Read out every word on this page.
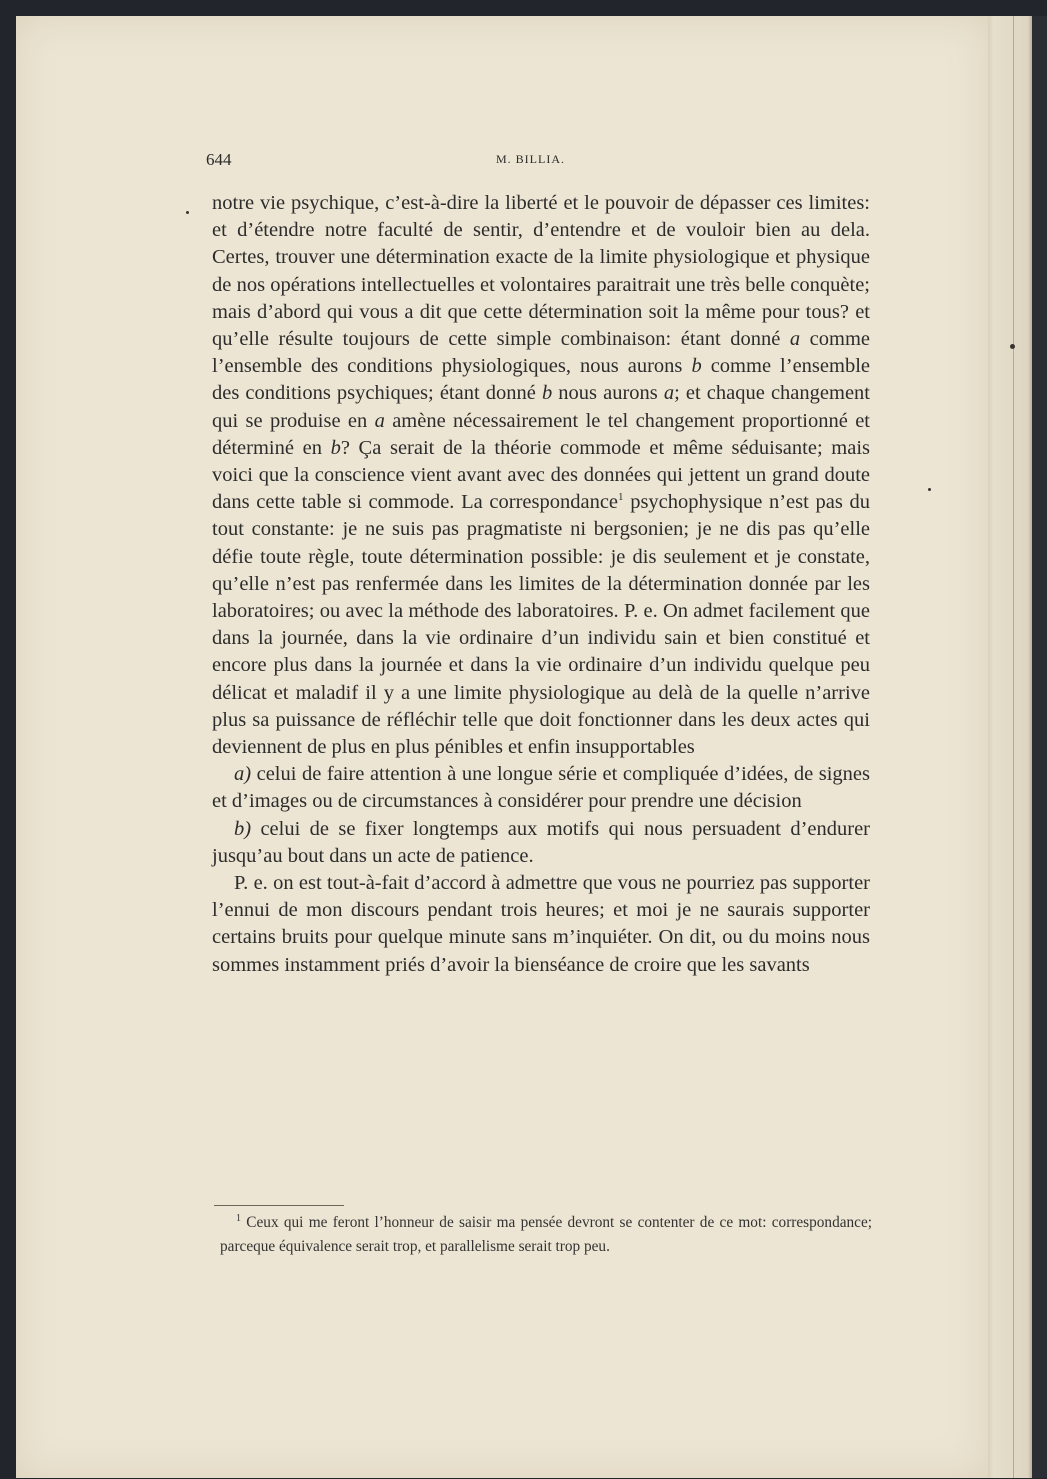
644	M. BILLIA.

notre vie psychique, c’est-à-dire la liberté et le pouvoir de dépasser ces limites: et d’étendre notre faculté de sentir, d’entendre et de vouloir bien au dela. Certes, trouver une détermination exacte de la limite physiologique et physique de nos opérations intellectuelles et volontaires paraitrait une très belle conquète; mais d’abord qui vous a dit que cette détermination soit la même pour tous? et qu’elle résulte toujours de cette simple combinaison: étant donné a comme l’ensemble des conditions physiologiques, nous aurons b comme l’ensemble des conditions psychiques; étant donné b nous aurons a; et chaque changement qui se produise en a amène nécessairement le tel changement proportionné et déterminé en b? Ça serait de la théorie commode et même séduisante; mais voici que la conscience vient avant avec des données qui jettent un grand doute dans cette table si commode. La correspondance$^1$ psychophysique n’est pas du tout constante: je ne suis pas pragmatiste ni bergsonien; je ne dis pas qu’elle défie toute règle, toute détermination possible: je dis seulement et je constate, qu’elle n’est pas renfermée dans les limites de la détermination donnée par les laboratoires; ou avec la méthode des laboratoires. P. e. On admet facilement que dans la journée, dans la vie ordinaire d’un individu sain et bien constitué et encore plus dans la journée et dans la vie ordinaire d’un individu quelque peu délicat et maladif il y a une limite physiologique au delà de la quelle n’arrive plus sa puissance de réfléchir telle que doit fonctionner dans les deux actes qui deviennent de plus en plus pénibles et enfin insupportables

a) celui de faire attention à une longue série et compliquée d’idées, de signes et d’images ou de circumstances à considérer pour prendre une décision

b) celui de se fixer longtemps aux motifs qui nous persuadent d’endurer jusqu’au bout dans un acte de patience.

P. e. on est tout-à-fait d’accord à admettre que vous ne pourriez pas supporter l’ennui de mon discours pendant trois heures; et moi je ne saurais supporter certains bruits pour quelque minute sans m’inquiéter. On dit, ou du moins nous sommes instamment priés d’avoir la bienséance de croire que les savants

$^1$ Ceux qui me feront l’honneur de saisir ma pensée devront se contenter de ce mot: correspondance; parceque équivalence serait trop, et parallelisme serait trop peu.
